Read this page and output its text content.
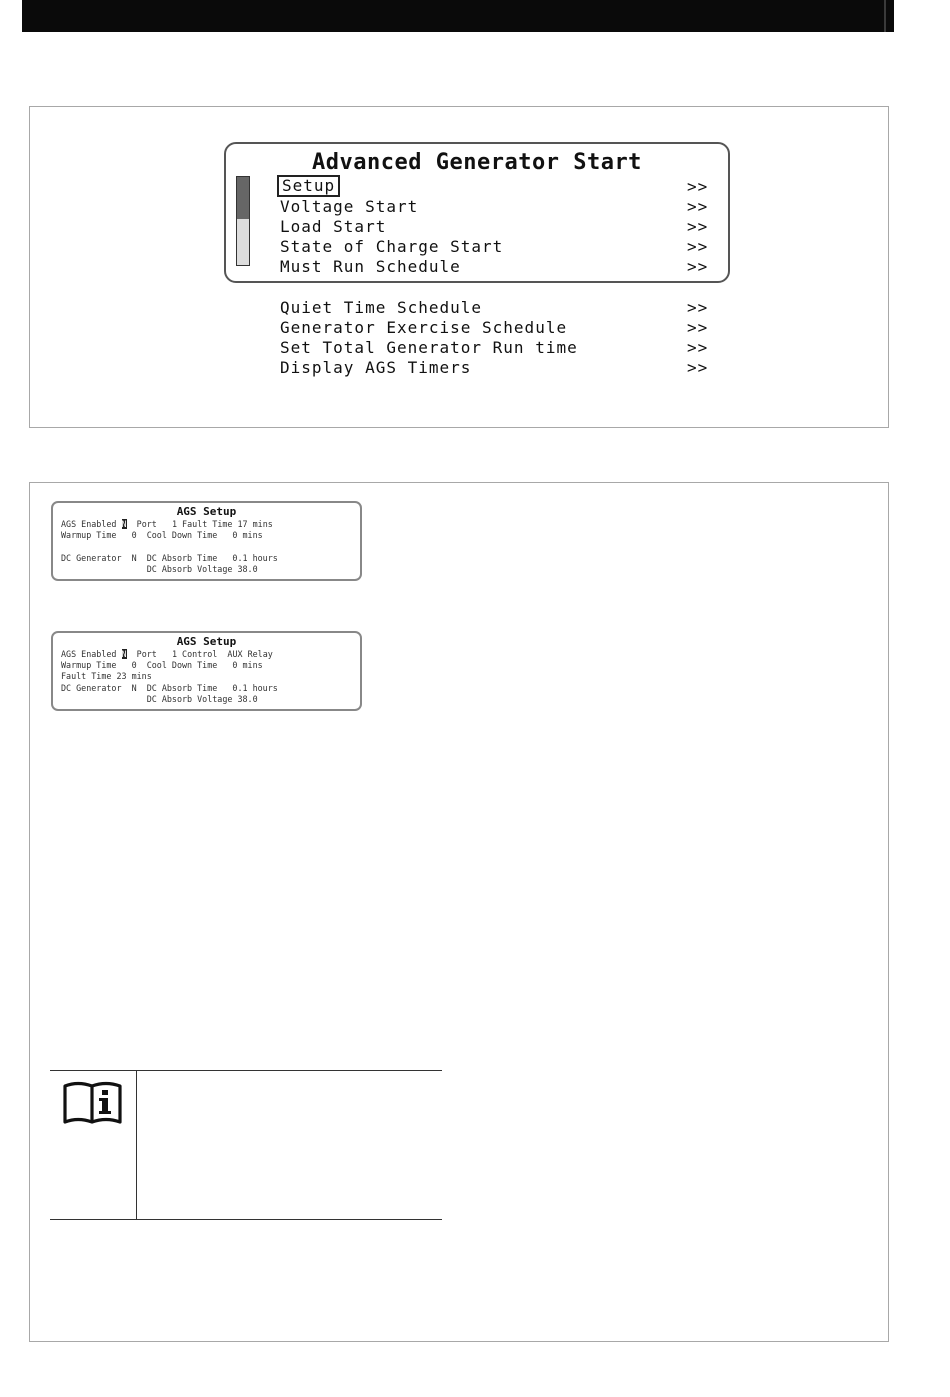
Advanced Generator Start
Setup	>>
Voltage Start	>>
Load Start	>>
State of Charge Start	>>
Must Run Schedule	>>
Quiet Time Schedule	>>
Generator Exercise Schedule	>>
Set Total Generator Run time	>>
Display AGS Timers	>>
AGS Setup
AGS Enabled N  Port   1 Fault Time 17 mins
Warmup Time   0  Cool Down Time   0 mins
DC Generator  N  DC Absorb Time   0.1 hours
DC Absorb Voltage 38.0
AGS Setup
AGS Enabled N  Port   1 Control  AUX Relay
Warmup Time   0  Cool Down Time   0 mins
Fault Time 23 mins
DC Generator  N  DC Absorb Time   0.1 hours
DC Absorb Voltage 38.0
